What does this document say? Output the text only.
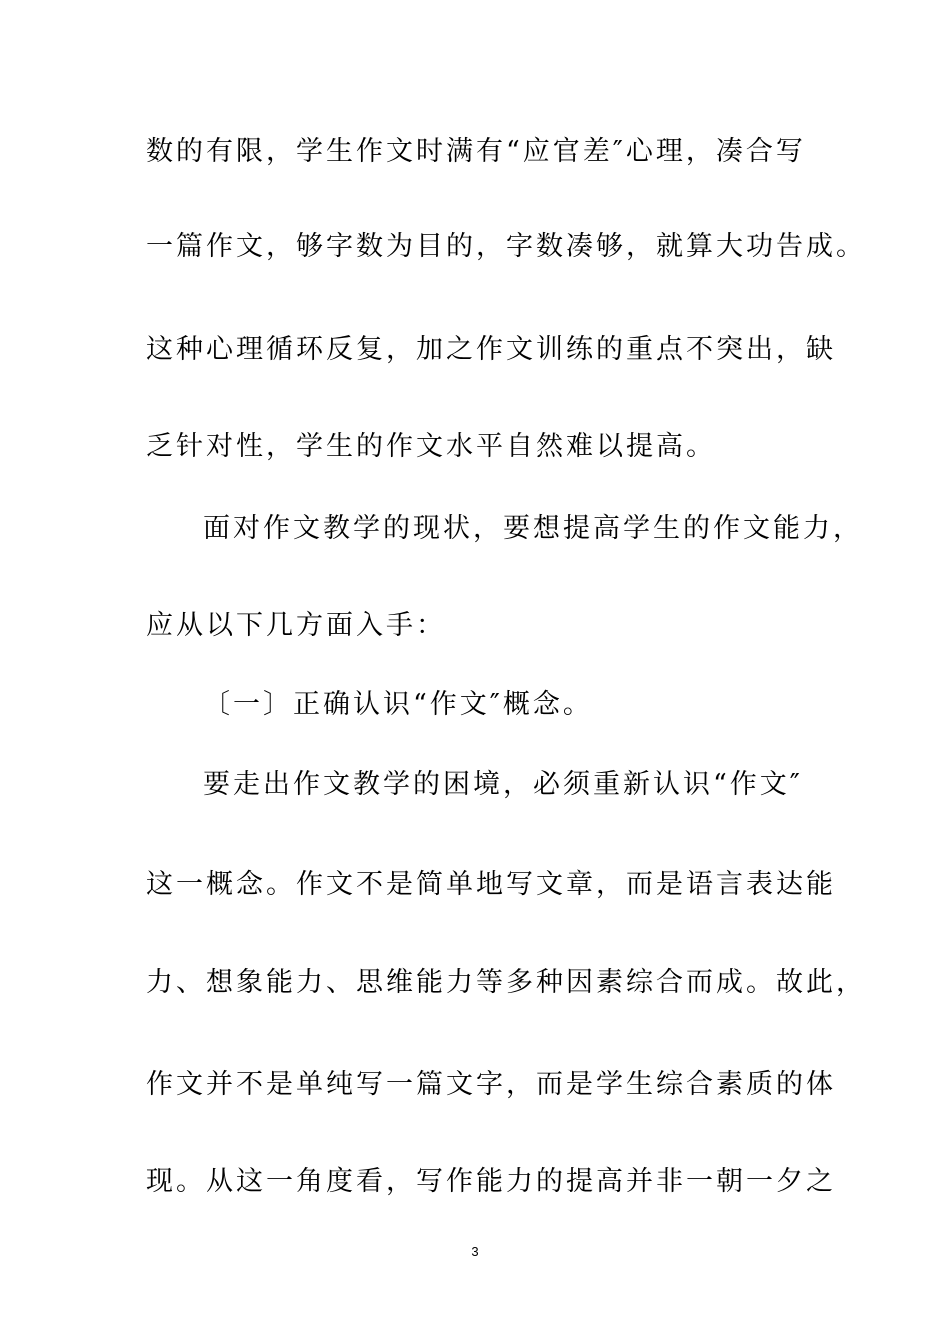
数的有限，学生作文时满有“应官差″心理，凑合写
一篇作文，够字数为目的，字数凑够，就算大功告成。
这种心理循环反复，加之作文训练的重点不突出，缺
乏针对性，学生的作文水平自然难以提高。
面对作文教学的现状，要想提高学生的作文能力，
应从以下几方面入手：
〔一〕正确认识“作文″概念。
要走出作文教学的困境，必须重新认识“作文″
这一概念。作文不是简单地写文章，而是语言表达能
力、想象能力、思维能力等多种因素综合而成。故此，
作文并不是单纯写一篇文字，而是学生综合素质的体
现。从这一角度看，写作能力的提高并非一朝一夕之
3
